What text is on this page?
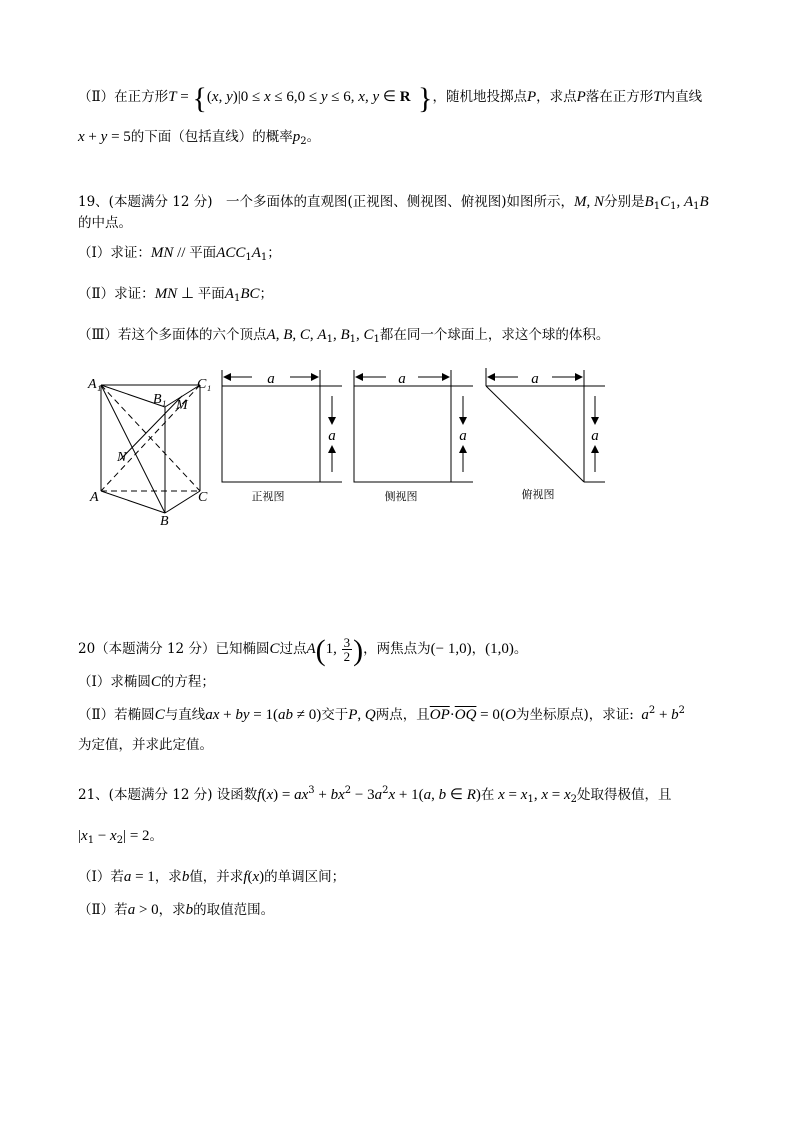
（Ⅱ）在正方形T = {(x, y)|0 ≤ x ≤ 6,0 ≤ y ≤ 6, x, y ∈ R }，随机地投掷点P，求点P落在正方形T内直线
x + y = 5的下面（包括直线）的概率$p_2$。
19、(本题满分 12 分)　一个多面体的直观图(正视图、侧视图、俯视图)如图所示，M, N分别是$B_1C_1$, $A_1B$
的中点。
（Ⅰ）求证：MN // 平面$ACC_1A_1$；
（Ⅱ）求证：MN ⊥ 平面$A_1BC$；
（Ⅲ）若这个多面体的六个顶点A, B, C, $A_1$, $B_1$, $C_1$都在同一个球面上，求这个球的体积。
A₁	C₁
B₁ M
N
A	C
B
a
a
正视图
a
a
侧视图
a
a
俯视图
20（本题满分 12 分）已知椭圆C过点A(1, $\frac{3}{2}$ )，两焦点为(− 1,0)，(1,0)。
（Ⅰ）求椭圆C的方程；
（Ⅱ）若椭圆C与直线ax + by = 1(ab ≠ 0)交于P, Q两点，且$\overline{OP}\cdot\overline{OQ} = 0(O$为坐标原点)，求证: $a^2 + b^2$
为定值，并求此定值。
21、(本题满分 12 分) 设函数$f(x) = ax^3 + bx^2 - 3a^2x + 1(a$, b ∈ R)在 $x = x_1$, $x = x_2$处取得极值，且
$|x_1 - x_2| = 2$。
（Ⅰ）若a = 1，求b值，并求f(x)的单调区间；
（Ⅱ）若a > 0，求b的取值范围。
